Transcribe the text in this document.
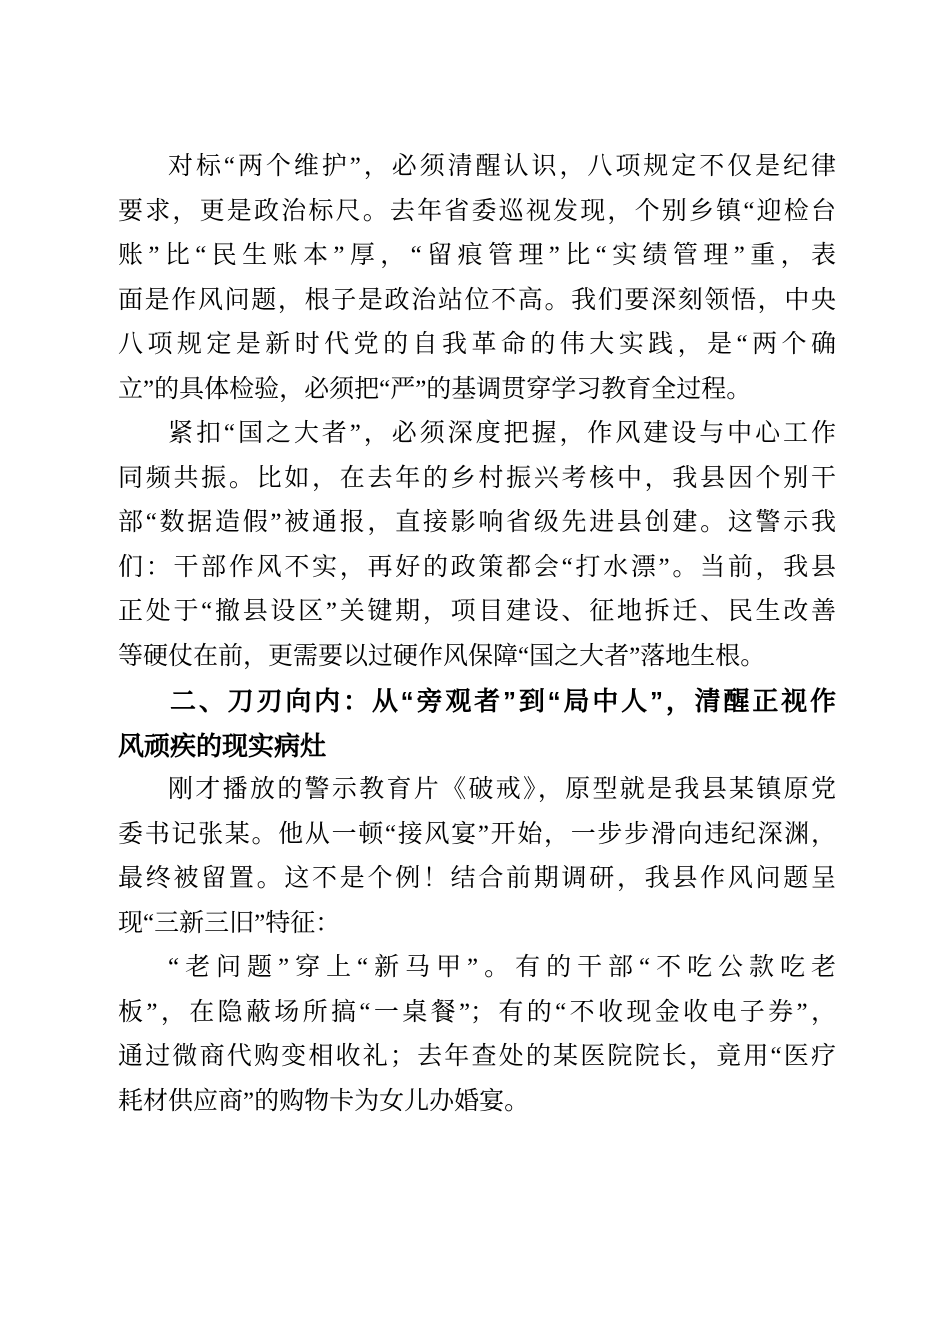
对标“两个维护”，必须清醒认识，八项规定不仅是纪律

要求，更是政治标尺。去年省委巡视发现，个别乡镇“迎检台

账”比“民生账本”厚，“留痕管理”比“实绩管理”重，表

面是作风问题，根子是政治站位不高。我们要深刻领悟，中央

八项规定是新时代党的自我革命的伟大实践，是“两个确

立”的具体检验，必须把“严”的基调贯穿学习教育全过程。

紧扣“国之大者”，必须深度把握，作风建设与中心工作

同频共振。比如，在去年的乡村振兴考核中，我县因个别干

部“数据造假”被通报，直接影响省级先进县创建。这警示我

们：干部作风不实，再好的政策都会“打水漂”。当前，我县

正处于“撤县设区”关键期，项目建设、征地拆迁、民生改善

等硬仗在前，更需要以过硬作风保障“国之大者”落地生根。

二、刀刃向内：从“旁观者”到“局中人”，清醒正视作

风顽疾的现实病灶

刚才播放的警示教育片《破戒》，原型就是我县某镇原党

委书记张某。他从一顿“接风宴”开始，一步步滑向违纪深渊，

最终被留置。这不是个例！结合前期调研，我县作风问题呈

现“三新三旧”特征：

“老问题”穿上“新马甲”。有的干部“不吃公款吃老

板”，在隐蔽场所搞“一桌餐”；有的“不收现金收电子券”，

通过微商代购变相收礼；去年查处的某医院院长，竟用“医疗

耗材供应商”的购物卡为女儿办婚宴。
